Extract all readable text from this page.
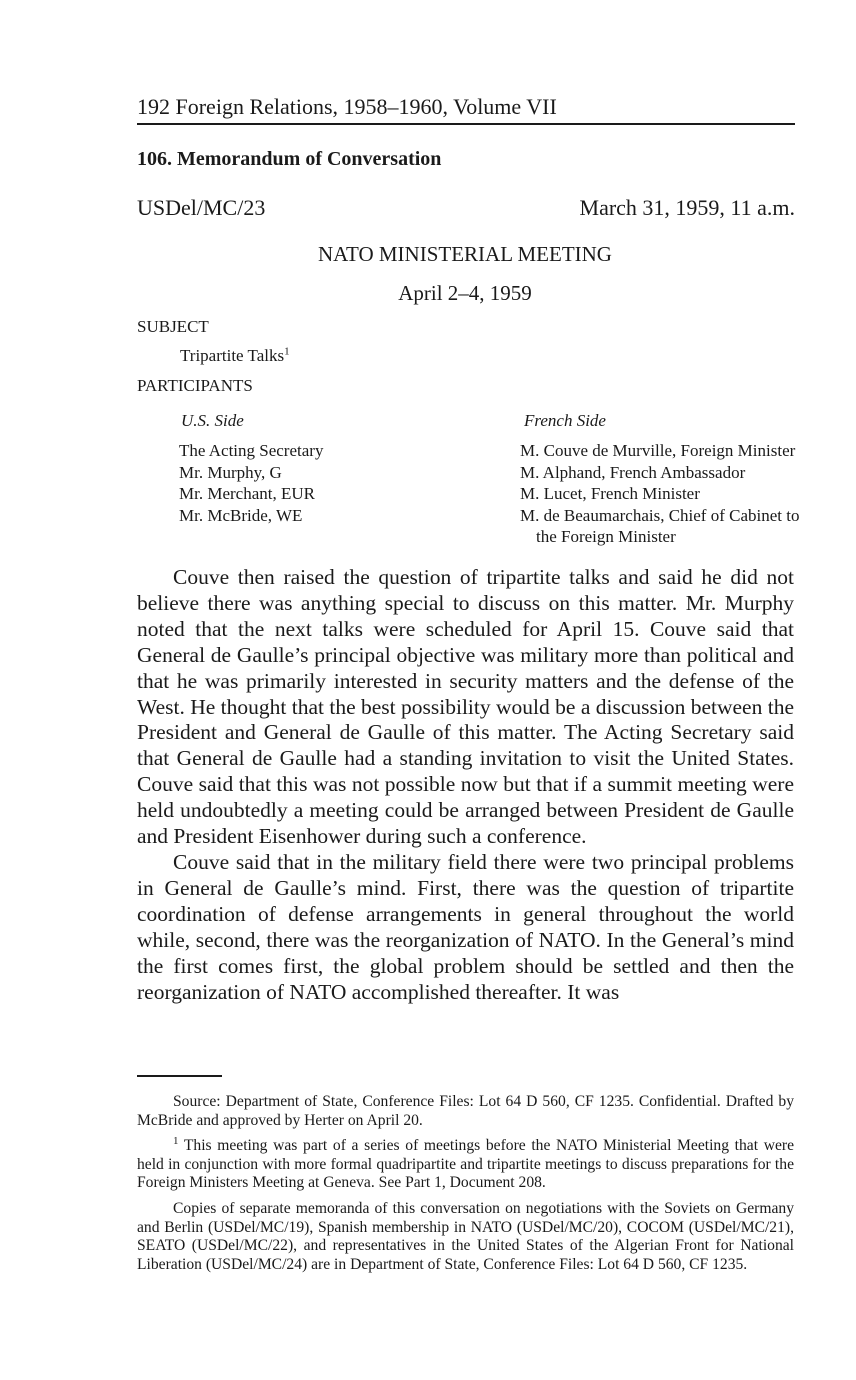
192 Foreign Relations, 1958–1960, Volume VII
106. Memorandum of Conversation
USDel/MC/23	March 31, 1959, 11 a.m.
NATO MINISTERIAL MEETING
April 2–4, 1959
SUBJECT
Tripartite Talks$^1$
PARTICIPANTS
U.S. Side	French Side
The Acting Secretary
Mr. Murphy, G
Mr. Merchant, EUR
Mr. McBride, WE
M. Couve de Murville, Foreign Minister
M. Alphand, French Ambassador
M. Lucet, French Minister
M. de Beaumarchais, Chief of Cabinet to the Foreign Minister

Couve then raised the question of tripartite talks and said he did not believe there was anything special to discuss on this matter. Mr. Murphy noted that the next talks were scheduled for April 15. Couve said that General de Gaulle’s principal objective was military more than political and that he was primarily interested in security matters and the defense of the West. He thought that the best possibility would be a discussion between the President and General de Gaulle of this matter. The Acting Secretary said that General de Gaulle had a standing invitation to visit the United States. Couve said that this was not possible now but that if a summit meeting were held undoubtedly a meeting could be arranged between President de Gaulle and President Eisenhower during such a conference.

Couve said that in the military field there were two principal problems in General de Gaulle’s mind. First, there was the question of tripartite coordination of defense arrangements in general throughout the world while, second, there was the reorganization of NATO. In the General’s mind the first comes first, the global problem should be settled and then the reorganization of NATO accomplished thereafter. It was

Source: Department of State, Conference Files: Lot 64 D 560, CF 1235. Confidential. Drafted by McBride and approved by Herter on April 20.

$^1$ This meeting was part of a series of meetings before the NATO Ministerial Meeting that were held in conjunction with more formal quadripartite and tripartite meetings to discuss preparations for the Foreign Ministers Meeting at Geneva. See Part 1, Document 208.

Copies of separate memoranda of this conversation on negotiations with the Soviets on Germany and Berlin (USDel/MC/19), Spanish membership in NATO (USDel/MC/20), COCOM (USDel/MC/21), SEATO (USDel/MC/22), and representatives in the United States of the Algerian Front for National Liberation (USDel/MC/24) are in Department of State, Conference Files: Lot 64 D 560, CF 1235.
